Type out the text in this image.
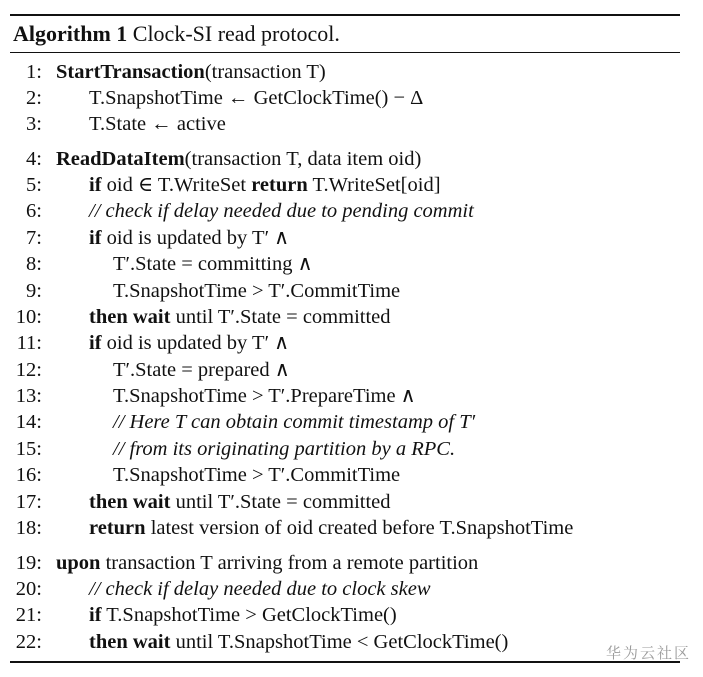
Algorithm 1 Clock-SI read protocol.
1: StartTransaction(transaction T)
2: T.SnapshotTime ← GetClockTime() − Δ
3: T.State ← active
4: ReadDataItem(transaction T, data item oid)
5: if oid ∈ T.WriteSet return T.WriteSet[oid]
6: // check if delay needed due to pending commit
7: if oid is updated by T′ ∧
8:	T′.State = committing ∧
9:	T.SnapshotTime > T′.CommitTime
10: then wait until T′.State = committed
11: if oid is updated by T′ ∧
12:	T′.State = prepared ∧
13:	T.SnapshotTime > T′.PrepareTime ∧
14:	// Here T can obtain commit timestamp of T′
15:	// from its originating partition by a RPC.
16:	T.SnapshotTime > T′.CommitTime
17: then wait until T′.State = committed
18: return latest version of oid created before T.SnapshotTime
19: upon transaction T arriving from a remote partition
20: // check if delay needed due to clock skew
21: if T.SnapshotTime > GetClockTime()
22: then wait until T.SnapshotTime < GetClockTime()	华为云社区
